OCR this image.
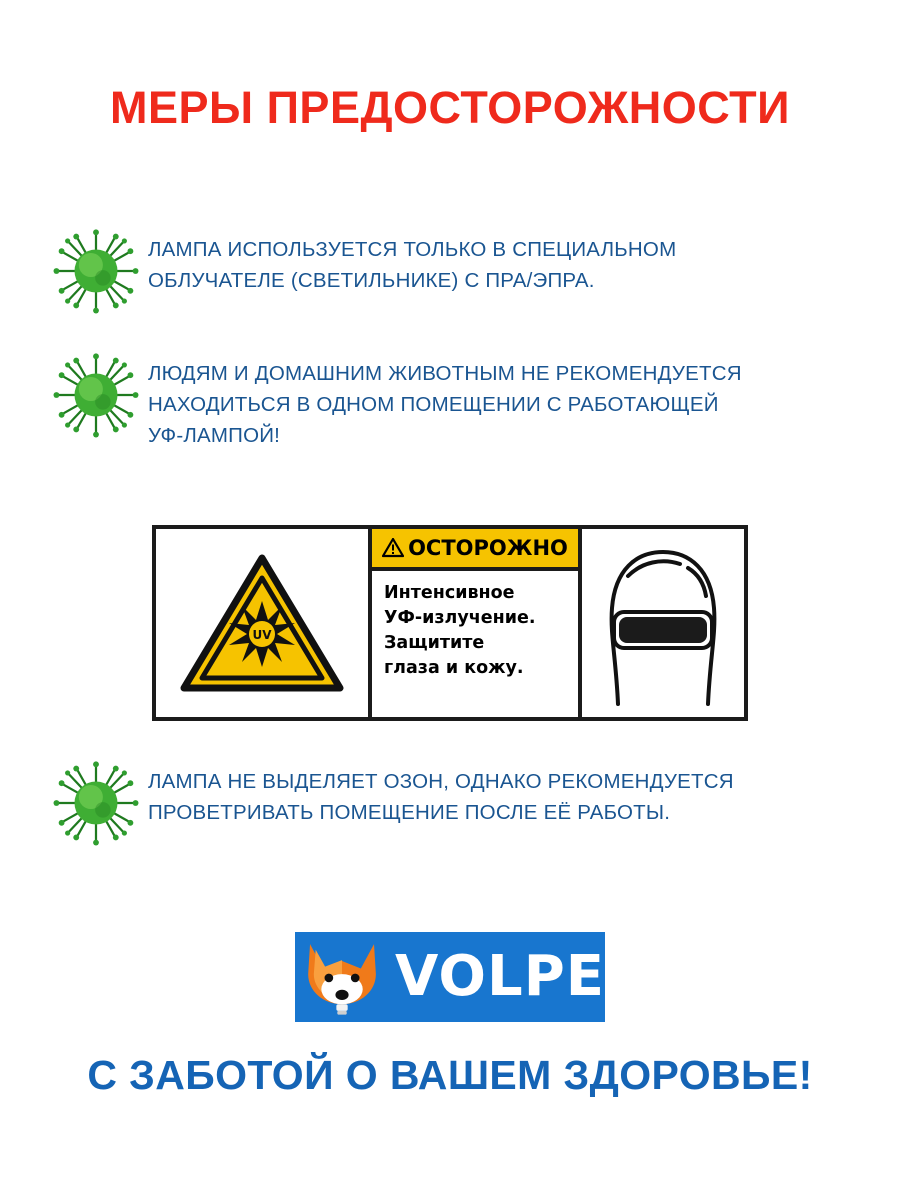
МЕРЫ ПРЕДОСТОРОЖНОСТИ
ЛАМПА ИСПОЛЬЗУЕТСЯ ТОЛЬКО В СПЕЦИАЛЬНОМ
ОБЛУЧАТЕЛЕ (СВЕТИЛЬНИКЕ) С ПРА/ЭПРА.
ЛЮДЯМ И ДОМАШНИМ ЖИВОТНЫМ НЕ РЕКОМЕНДУЕТСЯ
НАХОДИТЬСЯ В ОДНОМ ПОМЕЩЕНИИ С РАБОТАЮЩЕЙ
УФ-ЛАМПОЙ!
UV
ОСТОРОЖНО
Интенсивное
УФ-излучение.
Защитите
глаза и кожу.
ЛАМПА НЕ ВЫДЕЛЯЕТ ОЗОН, ОДНАКО РЕКОМЕНДУЕТСЯ
ПРОВЕТРИВАТЬ ПОМЕЩЕНИЕ ПОСЛЕ ЕЁ РАБОТЫ.
VOLPE
С ЗАБОТОЙ О ВАШЕМ ЗДОРОВЬЕ!
